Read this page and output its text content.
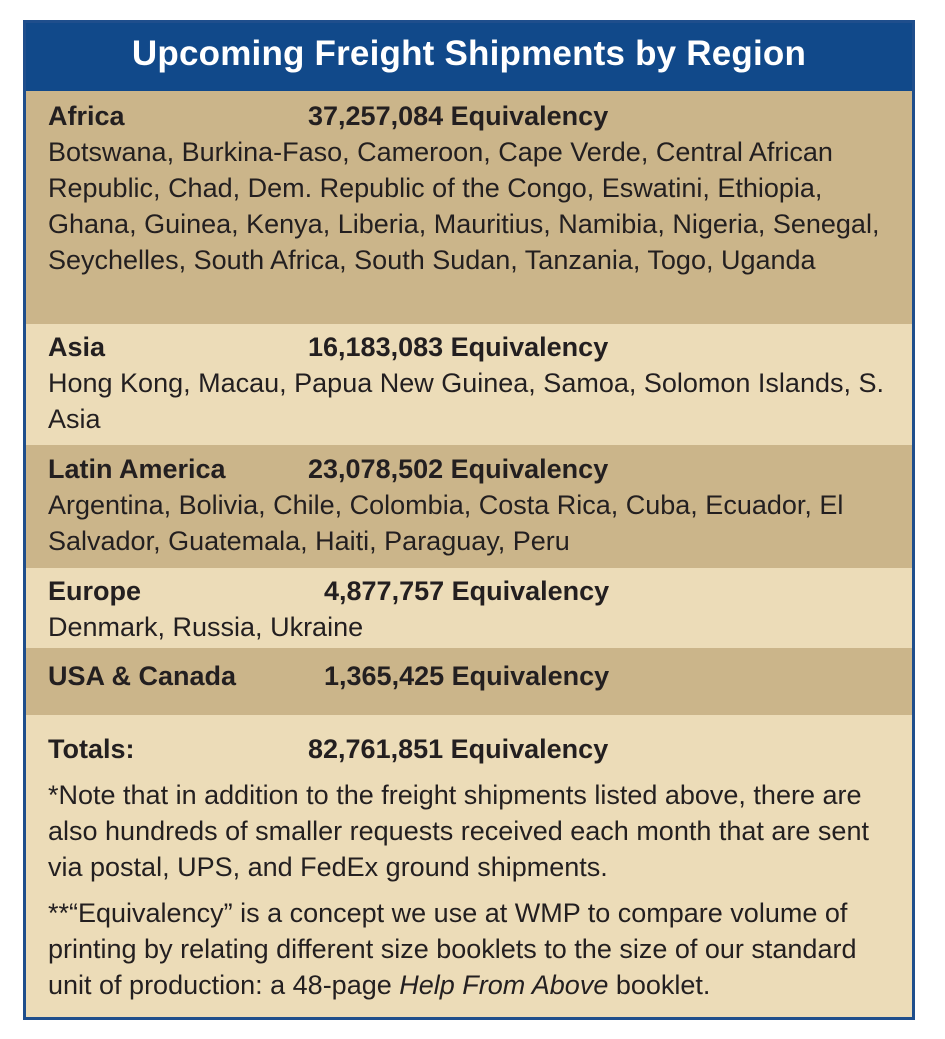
Upcoming Freight Shipments by Region
Africa	37,257,084 Equivalency
Botswana, Burkina-Faso, Cameroon, Cape Verde, Central African Republic, Chad, Dem. Republic of the Congo, Eswatini, Ethiopia, Ghana, Guinea, Kenya, Liberia, Mauritius, Namibia, Nigeria, Senegal, Seychelles, South Africa, South Sudan, Tanzania, Togo, Uganda
Asia	16,183,083 Equivalency
Hong Kong, Macau, Papua New Guinea, Samoa, Solomon Islands, S. Asia
Latin America	23,078,502 Equivalency
Argentina, Bolivia, Chile, Colombia, Costa Rica, Cuba, Ecuador, El Salvador, Guatemala, Haiti, Paraguay, Peru
Europe	4,877,757 Equivalency
Denmark, Russia, Ukraine
USA & Canada	1,365,425 Equivalency
Totals:	82,761,851 Equivalency

*Note that in addition to the freight shipments listed above, there are also hundreds of smaller requests received each month that are sent via postal, UPS, and FedEx ground shipments.

**“Equivalency” is a concept we use at WMP to compare volume of printing by relating different size booklets to the size of our standard unit of production: a 48-page Help From Above booklet.
